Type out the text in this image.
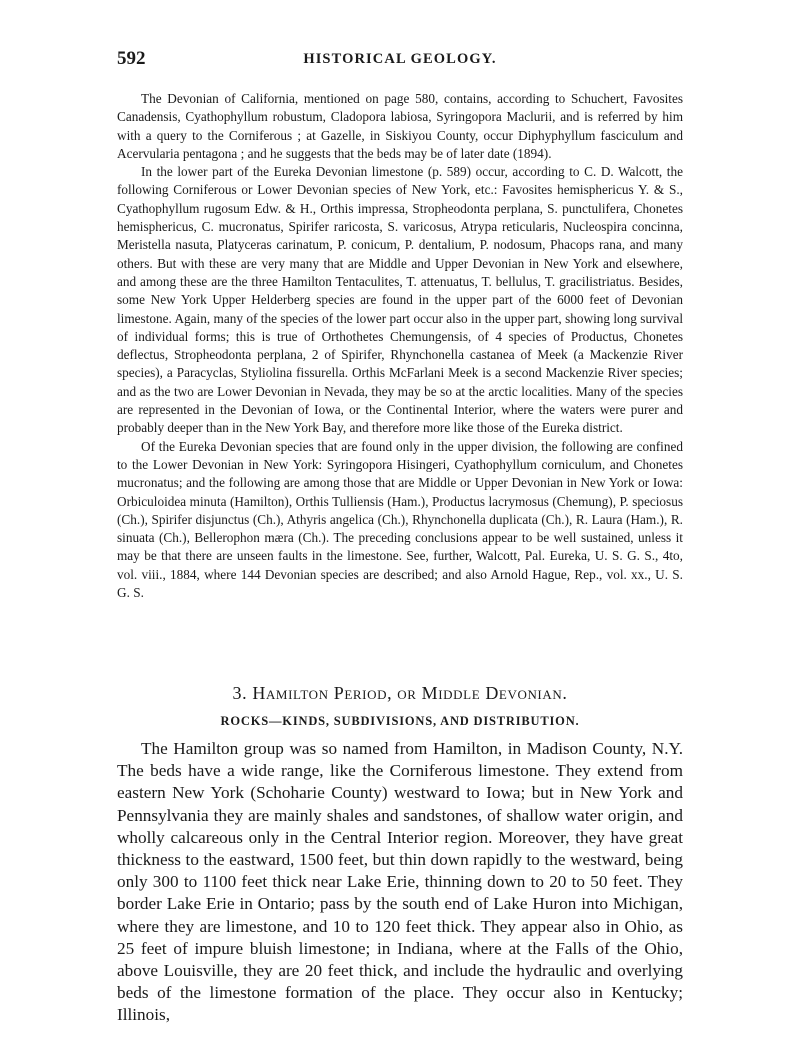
592	HISTORICAL GEOLOGY.

The Devonian of California, mentioned on page 580, contains, according to Schuchert, Favosites Canadensis, Cyathophyllum robustum, Cladopora labiosa, Syringopora Maclurii, and is referred by him with a query to the Corniferous ; at Gazelle, in Siskiyou County, occur Diphyphyllum fasciculum and Acervularia pentagona ; and he suggests that the beds may be of later date (1894).

In the lower part of the Eureka Devonian limestone (p. 589) occur, according to C. D. Walcott, the following Corniferous or Lower Devonian species of New York, etc.: Favosites hemisphericus Y. & S., Cyathophyllum rugosum Edw. & H., Orthis impressa, Stropheodonta perplana, S. punctulifera, Chonetes hemisphericus, C. mucronatus, Spirifer raricosta, S. varicosus, Atrypa reticularis, Nucleospira concinna, Meristella nasuta, Platyceras carinatum, P. conicum, P. dentalium, P. nodosum, Phacops rana, and many others. But with these are very many that are Middle and Upper Devonian in New York and elsewhere, and among these are the three Hamilton Tentaculites, T. attenuatus, T. bellulus, T. gracilistriatus. Besides, some New York Upper Helderberg species are found in the upper part of the 6000 feet of Devonian limestone. Again, many of the species of the lower part occur also in the upper part, showing long survival of individual forms; this is true of Orthothetes Chemungensis, of 4 species of Productus, Chonetes deflectus, Stropheodonta perplana, 2 of Spirifer, Rhynchonella castanea of Meek (a Mackenzie River species), a Paracyclas, Styliolina fissurella. Orthis McFarlani Meek is a second Mackenzie River species; and as the two are Lower Devonian in Nevada, they may be so at the arctic localities. Many of the species are represented in the Devonian of Iowa, or the Continental Interior, where the waters were purer and probably deeper than in the New York Bay, and therefore more like those of the Eureka district.

Of the Eureka Devonian species that are found only in the upper division, the following are confined to the Lower Devonian in New York: Syringopora Hisingeri, Cyathophyllum corniculum, and Chonetes mucronatus; and the following are among those that are Middle or Upper Devonian in New York or Iowa: Orbiculoidea minuta (Hamilton), Orthis Tulliensis (Ham.), Productus lacrymosus (Chemung), P. speciosus (Ch.), Spirifer disjunctus (Ch.), Athyris angelica (Ch.), Rhynchonella duplicata (Ch.), R. Laura (Ham.), R. sinuata (Ch.), Bellerophon mæra (Ch.). The preceding conclusions appear to be well sustained, unless it may be that there are unseen faults in the limestone. See, further, Walcott, Pal. Eureka, U. S. G. S., 4to, vol. viii., 1884, where 144 Devonian species are described; and also Arnold Hague, Rep., vol. xx., U. S. G. S.

3. Hamilton Period, or Middle Devonian.
ROCKS—KINDS, SUBDIVISIONS, AND DISTRIBUTION.

The Hamilton group was so named from Hamilton, in Madison County, N.Y. The beds have a wide range, like the Corniferous limestone. They extend from eastern New York (Schoharie County) westward to Iowa; but in New York and Pennsylvania they are mainly shales and sandstones, of shallow water origin, and wholly calcareous only in the Central Interior region. Moreover, they have great thickness to the eastward, 1500 feet, but thin down rapidly to the westward, being only 300 to 1100 feet thick near Lake Erie, thinning down to 20 to 50 feet. They border Lake Erie in Ontario; pass by the south end of Lake Huron into Michigan, where they are limestone, and 10 to 120 feet thick. They appear also in Ohio, as 25 feet of impure bluish limestone; in Indiana, where at the Falls of the Ohio, above Louisville, they are 20 feet thick, and include the hydraulic and overlying beds of the limestone formation of the place. They occur also in Kentucky; Illinois,
